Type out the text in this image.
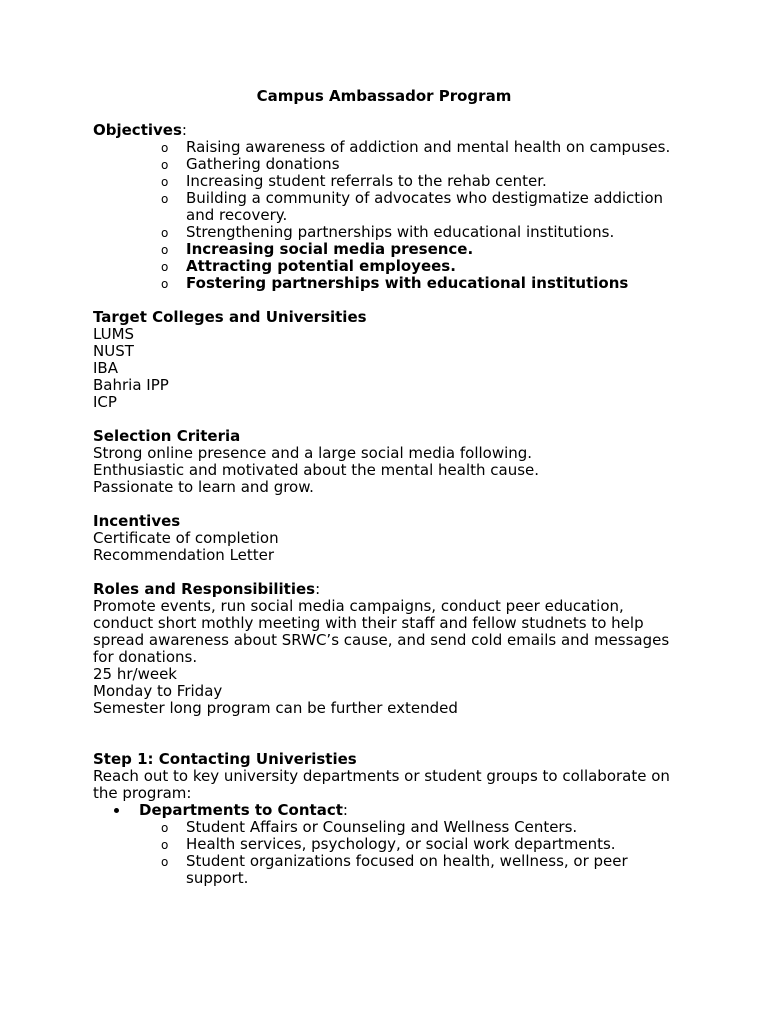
Campus Ambassador Program
Objectives:
o Raising awareness of addiction and mental health on campuses.
o Gathering donations
o Increasing student referrals to the rehab center.
o Building a community of advocates who destigmatize addiction and recovery.
o Strengthening partnerships with educational institutions.
o Increasing social media presence.
o Attracting potential employees.
o Fostering partnerships with educational institutions
Target Colleges and Universities
LUMS
NUST
IBA
Bahria IPP
ICP
Selection Criteria
Strong online presence and a large social media following.
Enthusiastic and motivated about the mental health cause.
Passionate to learn and grow.
Incentives
Certificate of completion
Recommendation Letter
Roles and Responsibilities:
Promote events, run social media campaigns, conduct peer education, conduct short mothly meeting with their staff and fellow studnets to help spread awareness about SRWC’s cause, and send cold emails and messages for donations.
25 hr/week
Monday to Friday
Semester long program can be further extended
Step 1: Contacting Univeristies
Reach out to key university departments or student groups to collaborate on the program:
Departments to Contact:
o Student Affairs or Counseling and Wellness Centers.
o Health services, psychology, or social work departments.
o Student organizations focused on health, wellness, or peer support.
